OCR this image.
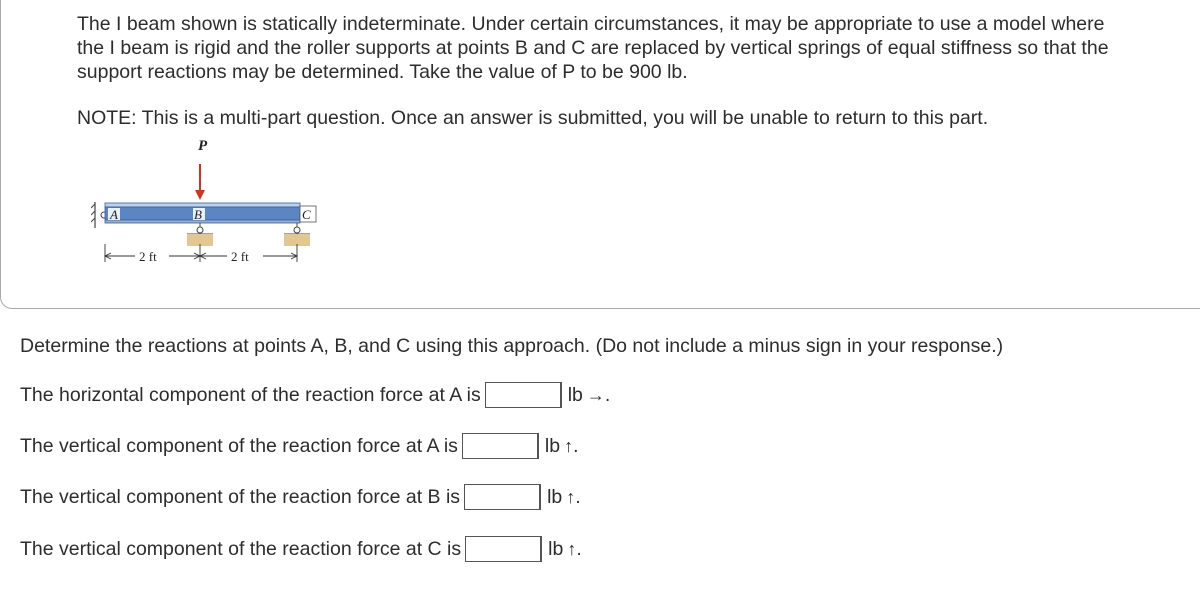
The I beam shown is statically indeterminate. Under certain circumstances, it may be appropriate to use a model where
the I beam is rigid and the roller supports at points B and C are replaced by vertical springs of equal stiffness so that the
support reactions may be determined. Take the value of P to be 900 lb.

NOTE: This is a multi-part question. Once an answer is submitted, you will be unable to return to this part.

P
A	B	C
2 ft	2 ft

Determine the reactions at points A, B, and C using this approach. (Do not include a minus sign in your response.)

The horizontal component of the reaction force at A is	lb →.
The vertical component of the reaction force at A is	lb ↑.
The vertical component of the reaction force at B is	lb ↑.
The vertical component of the reaction force at C is	lb ↑.
